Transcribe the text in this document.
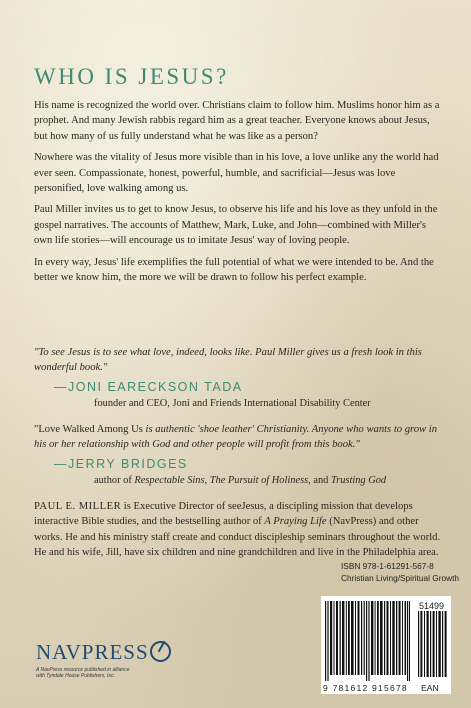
WHO IS JESUS?

His name is recognized the world over. Christians claim to follow him. Muslims honor him as a prophet. And many Jewish rabbis regard him as a great teacher. Everyone knows about Jesus, but how many of us fully understand what he was like as a person?

Nowhere was the vitality of Jesus more visible than in his love, a love unlike any the world had ever seen. Compassionate, honest, powerful, humble, and sacrificial—Jesus was love personified, love walking among us.

Paul Miller invites us to get to know Jesus, to observe his life and his love as they unfold in the gospel narratives. The accounts of Matthew, Mark, Luke, and John—combined with Miller's own life stories—will encourage us to imitate Jesus' way of loving people.

In every way, Jesus' life exemplifies the full potential of what we were intended to be. And the better we know him, the more we will be drawn to follow his perfect example.

"To see Jesus is to see what love, indeed, looks like. Paul Miller gives us a fresh look in this wonderful book."

—JONI EARECKSON TADA
founder and CEO, Joni and Friends International Disability Center

"Love Walked Among Us is authentic 'shoe leather' Christianity. Anyone who wants to grow in his or her relationship with God and other people will profit from this book."

—JERRY BRIDGES
author of Respectable Sins, The Pursuit of Holiness, and Trusting God
PAUL E. MILLER is Executive Director of seeJesus, a discipling mission that develops interactive Bible studies, and the bestselling author of A Praying Life (NavPress) and other works. He and his ministry staff create and conduct discipleship seminars throughout the world. He and his wife, Jill, have six children and nine grandchildren and live in the Philadelphia area.
ISBN 978-1-61291-567-8
Christian Living/Spiritual Growth
51499
9 781612 915678 EAN
NAVPRESS
A NavPress resource published in alliance with Tyndale House Publishers, Inc.
